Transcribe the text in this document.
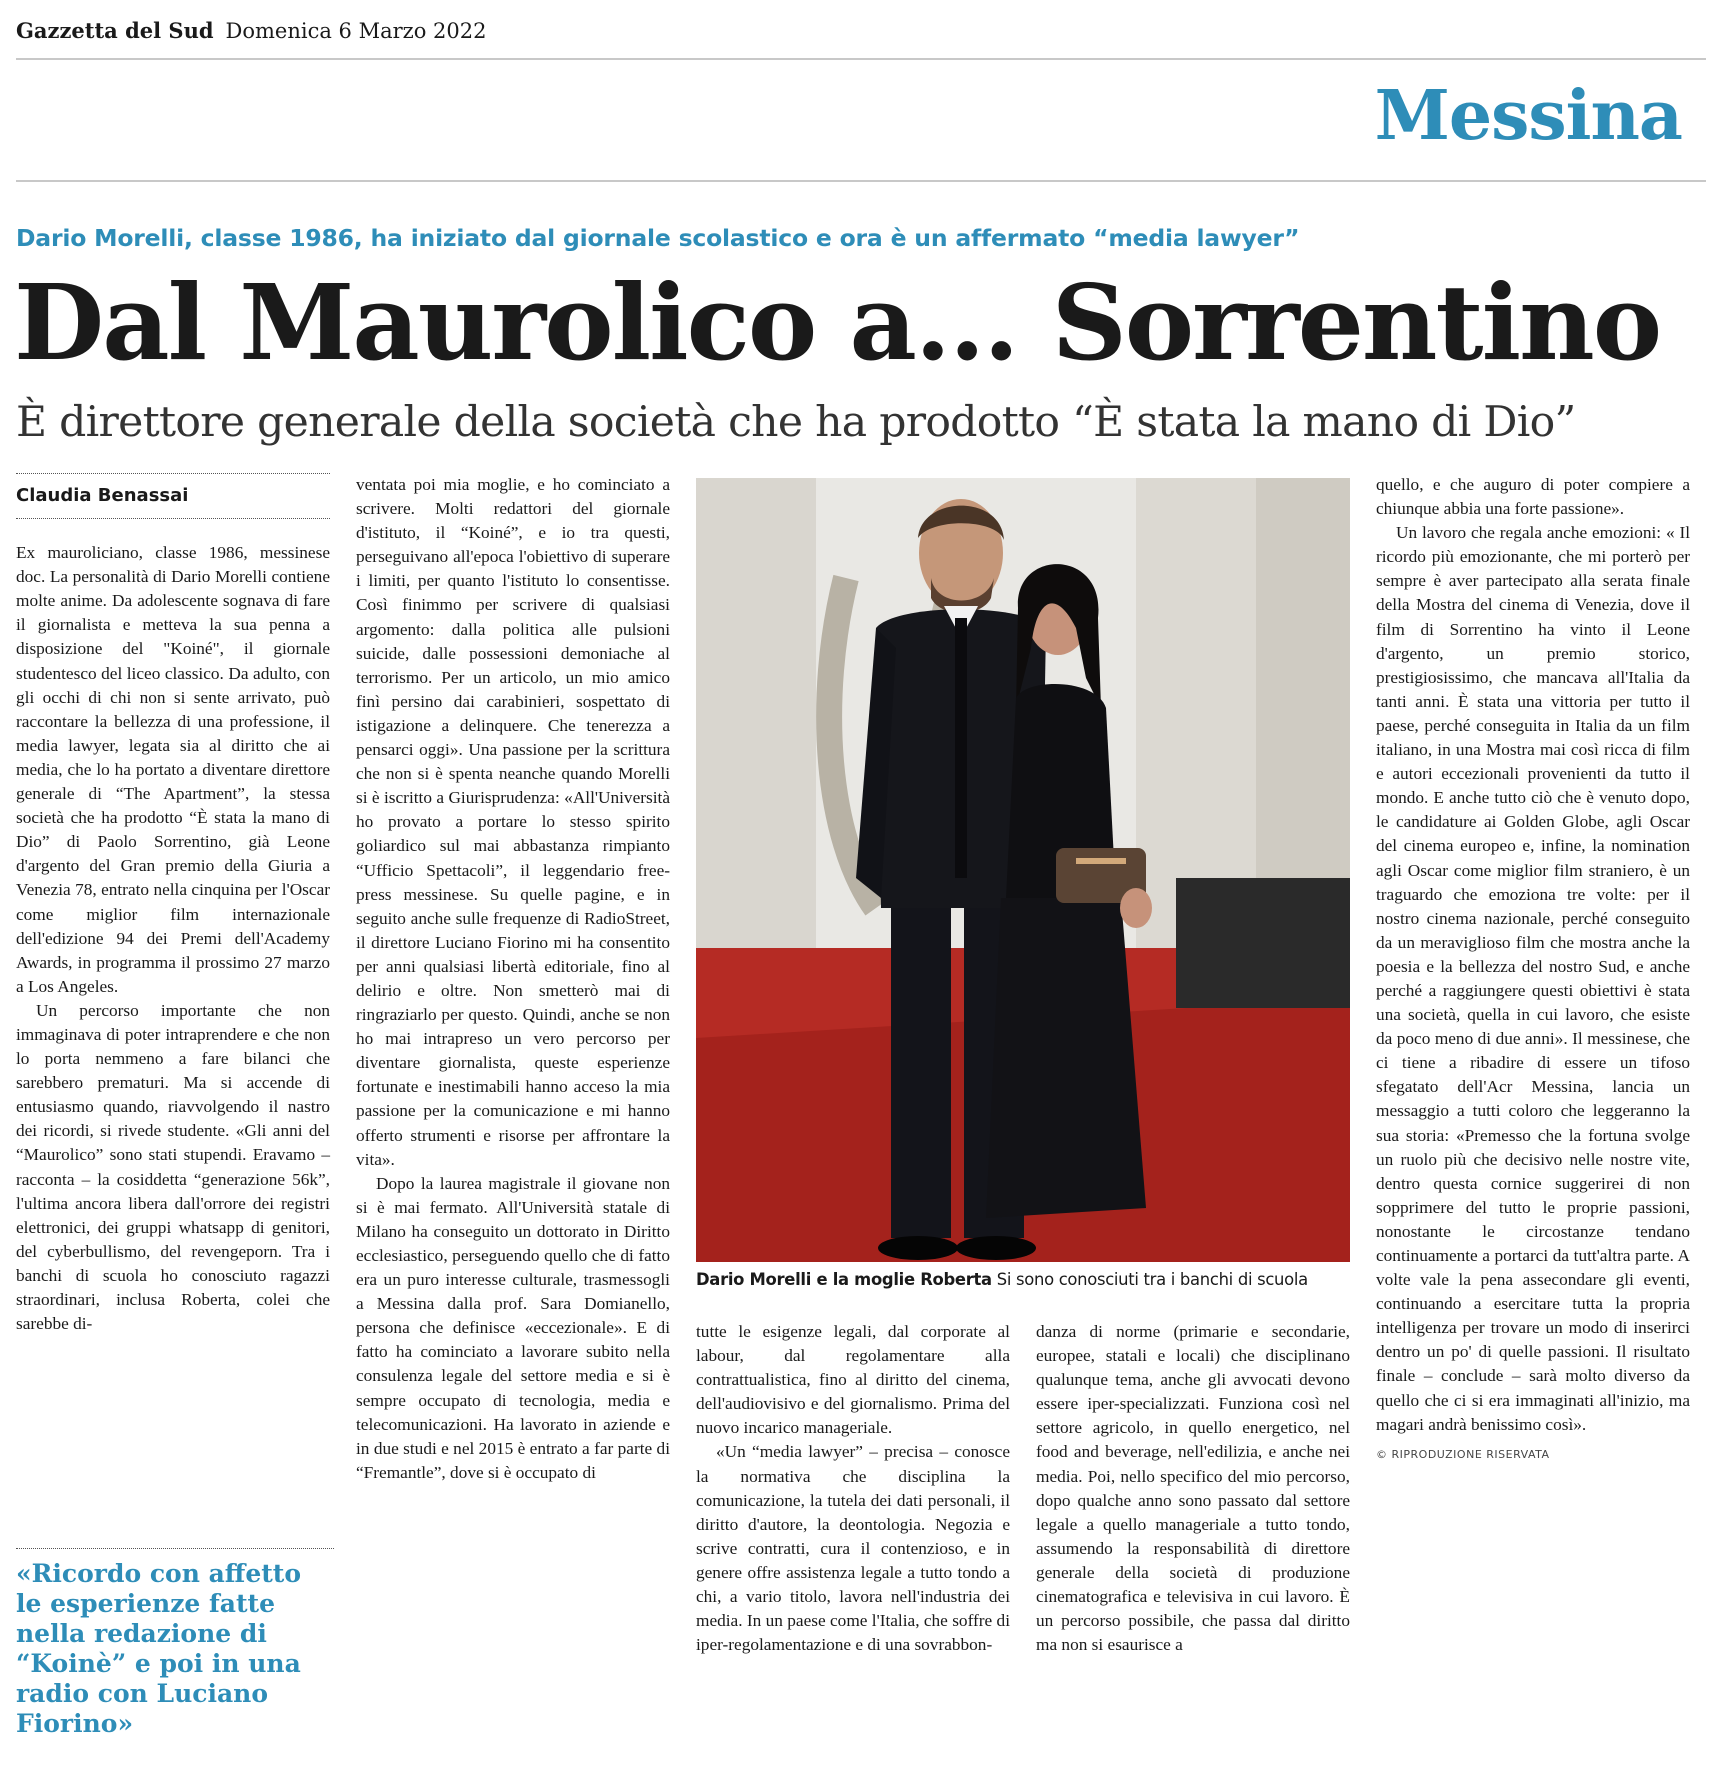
Gazzetta del Sud Domenica 6 Marzo 2022
Messina
Dario Morelli, classe 1986, ha iniziato dal giornale scolastico e ora è un affermato “media lawyer”
Dal Maurolico a... Sorrentino
È direttore generale della società che ha prodotto “È stata la mano di Dio”
Claudia Benassai

Ex mauroliciano, classe 1986, messinese doc. La personalità di Dario Morelli contiene molte anime. Da adolescente sognava di fare il giornalista e metteva la sua penna a disposizione del "Koiné", il giornale studentesco del liceo classico. Da adulto, con gli occhi di chi non si sente arrivato, può raccontare la bellezza di una professione, il media lawyer, legata sia al diritto che ai media, che lo ha portato a diventare direttore generale di “The Apartment”, la stessa società che ha prodotto “È stata la mano di Dio” di Paolo Sorrentino, già Leone d'argento del Gran premio della Giuria a Venezia 78, entrato nella cinquina per l'Oscar come miglior film internazionale dell'edizione 94 dei Premi dell'Academy Awards, in programma il prossimo 27 marzo a Los Angeles.

Un percorso importante che non immaginava di poter intraprendere e che non lo porta nemmeno a fare bilanci che sarebbero prematuri. Ma si accende di entusiasmo quando, riavvolgendo il nastro dei ricordi, si rivede studente. «Gli anni del “Maurolico” sono stati stupendi. Eravamo – racconta – la cosiddetta “generazione 56k”, l'ultima ancora libera dall'orrore dei registri elettronici, dei gruppi whatsapp di genitori, del cyberbullismo, del revengeporn. Tra i banchi di scuola ho conosciuto ragazzi straordinari, inclusa Roberta, colei che sarebbe di-

«Ricordo con affetto le esperienze fatte nella redazione di “Koinè” e poi in una radio con Luciano Fiorino»

ventata poi mia moglie, e ho cominciato a scrivere. Molti redattori del giornale d'istituto, il “Koiné”, e io tra questi, perseguivano all'epoca l'obiettivo di superare i limiti, per quanto l'istituto lo consentisse. Così finimmo per scrivere di qualsiasi argomento: dalla politica alle pulsioni suicide, dalle possessioni demoniache al terrorismo. Per un articolo, un mio amico finì persino dai carabinieri, sospettato di istigazione a delinquere. Che tenerezza a pensarci oggi». Una passione per la scrittura che non si è spenta neanche quando Morelli si è iscritto a Giurisprudenza: «All'Università ho provato a portare lo stesso spirito goliardico sul mai abbastanza rimpianto “Ufficio Spettacoli”, il leggendario free-press messinese. Su quelle pagine, e in seguito anche sulle frequenze di RadioStreet, il direttore Luciano Fiorino mi ha consentito per anni qualsiasi libertà editoriale, fino al delirio e oltre. Non smetterò mai di ringraziarlo per questo. Quindi, anche se non ho mai intrapreso un vero percorso per diventare giornalista, queste esperienze fortunate e inestimabili hanno acceso la mia passione per la comunicazione e mi hanno offerto strumenti e risorse per affrontare la vita».

Dopo la laurea magistrale il giovane non si è mai fermato. All'Università statale di Milano ha conseguito un dottorato in Diritto ecclesiastico, perseguendo quello che di fatto era un puro interesse culturale, trasmessogli a Messina dalla prof. Sara Domianello, persona che definisce «eccezionale». E di fatto ha cominciato a lavorare subito nella consulenza legale del settore media e si è sempre occupato di tecnologia, media e telecomunicazioni. Ha lavorato in aziende e in due studi e nel 2015 è entrato a far parte di “Fremantle”, dove si è occupato di

Dario Morelli e la moglie Roberta Si sono conosciuti tra i banchi di scuola

tutte le esigenze legali, dal corporate al labour, dal regolamentare alla contrattualistica, fino al diritto del cinema, dell'audiovisivo e del giornalismo. Prima del nuovo incarico manageriale.

«Un “media lawyer” – precisa – conosce la normativa che disciplina la comunicazione, la tutela dei dati personali, il diritto d'autore, la deontologia. Negozia e scrive contratti, cura il contenzioso, e in genere offre assistenza legale a tutto tondo a chi, a vario titolo, lavora nell'industria dei media. In un paese come l'Italia, che soffre di iper-regolamentazione e di una sovrabbon-

danza di norme (primarie e secondarie, europee, statali e locali) che disciplinano qualunque tema, anche gli avvocati devono essere iper-specializzati. Funziona così nel settore agricolo, in quello energetico, nel food and beverage, nell'edilizia, e anche nei media. Poi, nello specifico del mio percorso, dopo qualche anno sono passato dal settore legale a quello manageriale a tutto tondo, assumendo la responsabilità di direttore generale della società di produzione cinematografica e televisiva in cui lavoro. È un percorso possibile, che passa dal diritto ma non si esaurisce a

quello, e che auguro di poter compiere a chiunque abbia una forte passione».

Un lavoro che regala anche emozioni: « Il ricordo più emozionante, che mi porterò per sempre è aver partecipato alla serata finale della Mostra del cinema di Venezia, dove il film di Sorrentino ha vinto il Leone d'argento, un premio storico, prestigiosissimo, che mancava all'Italia da tanti anni. È stata una vittoria per tutto il paese, perché conseguita in Italia da un film italiano, in una Mostra mai così ricca di film e autori eccezionali provenienti da tutto il mondo. E anche tutto ciò che è venuto dopo, le candidature ai Golden Globe, agli Oscar del cinema europeo e, infine, la nomination agli Oscar come miglior film straniero, è un traguardo che emoziona tre volte: per il nostro cinema nazionale, perché conseguito da un meraviglioso film che mostra anche la poesia e la bellezza del nostro Sud, e anche perché a raggiungere questi obiettivi è stata una società, quella in cui lavoro, che esiste da poco meno di due anni». Il messinese, che ci tiene a ribadire di essere un tifoso sfegatato dell'Acr Messina, lancia un messaggio a tutti coloro che leggeranno la sua storia: «Premesso che la fortuna svolge un ruolo più che decisivo nelle nostre vite, dentro questa cornice suggerirei di non sopprimere del tutto le proprie passioni, nonostante le circostanze tendano continuamente a portarci da tutt'altra parte. A volte vale la pena assecondare gli eventi, continuando a esercitare tutta la propria intelligenza per trovare un modo di inserirci dentro un po' di quelle passioni. Il risultato finale – conclude – sarà molto diverso da quello che ci si era immaginati all'inizio, ma magari andrà benissimo così».

© RIPRODUZIONE RISERVATA
